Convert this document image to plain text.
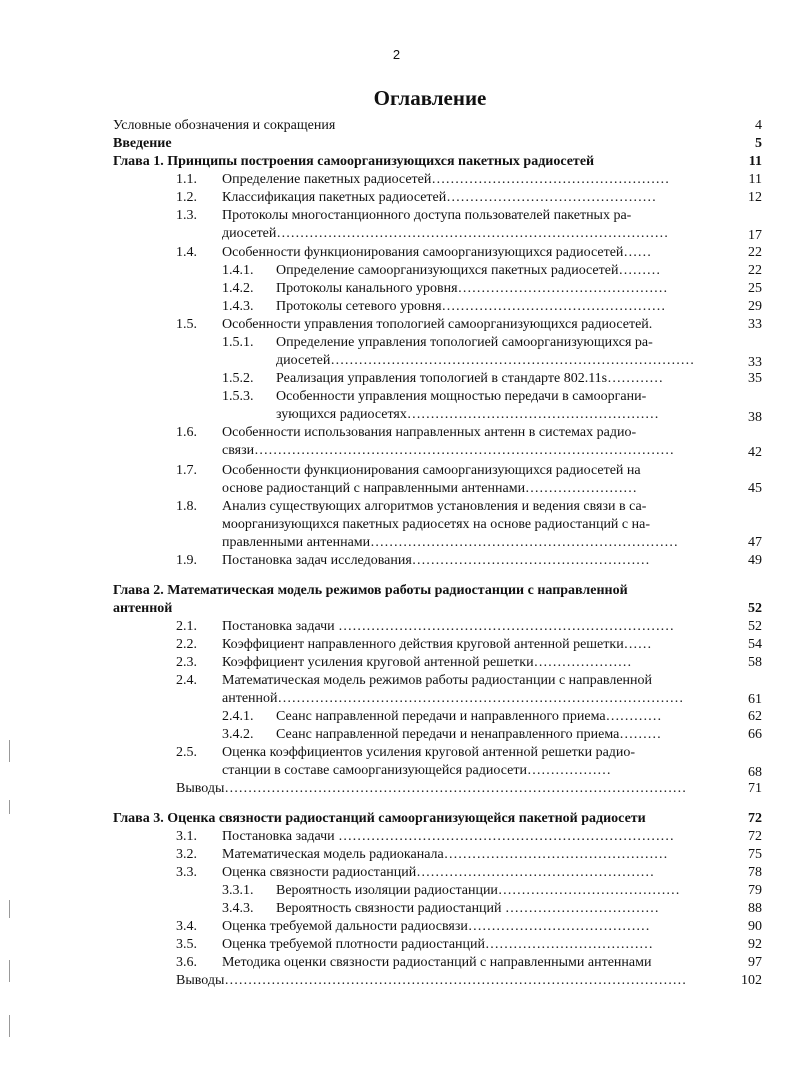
2
Оглавление
Условные обозначения и сокращения	4
Введение	5
Глава 1. Принципы построения самоорганизующихся пакетных радиосетей	11
1.1. Определение пакетных радиосетей……………………………………………	11
1.2. Классификация пакетных радиосетей………………………………………	12
1.3. Протоколы многостанционного доступа пользователей пакетных ра-
диосетей…………………………………………………………………………	17
1.4. Особенности функционирования самоорганизующихся радиосетей……	22
1.4.1. Определение самоорганизующихся пакетных радиосетей………	22
1.4.2. Протоколы канального уровня………………………………………	25
1.4.3. Протоколы сетевого уровня…………………………………………	29
1.5. Особенности управления топологией самоорганизующихся радиосетей.	33
1.5.1. Определение управления топологией самоорганизующихся ра-
диосетей……………………………………………………………………	33
1.5.2. Реализация управления топологией в стандарте 802.11s…………	35
1.5.3. Особенности управления мощностью передачи в самооргани-
зующихся радиосетях………………………………………………	38
1.6. Особенности использования направленных антенн в системах радио-
связи………………………………………………………………………………	42
1.7. Особенности функционирования самоорганизующихся радиосетей на
основе радиостанций с направленными антеннами……………………	45
1.8. Анализ существующих алгоритмов установления и ведения связи в са-
моорганизующихся пакетных радиосетях на основе радиостанций с на-
правленными антеннами…………………………………………………………	47
1.9. Постановка задач исследования……………………………………………	49
Глава 2. Математическая модель режимов работы радиостанции с направленной
антенной	52
2.1. Постановка задачи ………………………………………………………………	52
2.2. Коэффициент направленного действия круговой антенной решетки……	54
2.3. Коэффициент усиления круговой антенной решетки…………………	58
2.4. Математическая модель режимов работы радиостанции с направленной
антенной……………………………………………………………………………	61
2.4.1. Сеанс направленной передачи и направленного приема…………	62
3.4.2. Сеанс направленной передачи и ненаправленного приема………	66
2.5. Оценка коэффициентов усиления круговой антенной решетки радио-
станции в составе самоорганизующейся радиосети………………	68
Выводы………………………………………………………………………………………	71
Глава 3. Оценка связности радиостанций самоорганизующейся пакетной радиосети	72
3.1. Постановка задачи ………………………………………………………………	72
3.2. Математическая модель радиоканала…………………………………………	75
3.3. Оценка связности радиостанций……………………………………………	78
3.3.1. Вероятность изоляции радиостанции…………………………………	79
3.4.3. Вероятность связности радиостанций ……………………………	88
3.4. Оценка требуемой дальности радиосвязи…………………………………	90
3.5. Оценка требуемой плотности радиостанций………………………………	92
3.6. Методика оценки связности радиостанций с направленными антеннами	97
Выводы………………………………………………………………………………………	102
